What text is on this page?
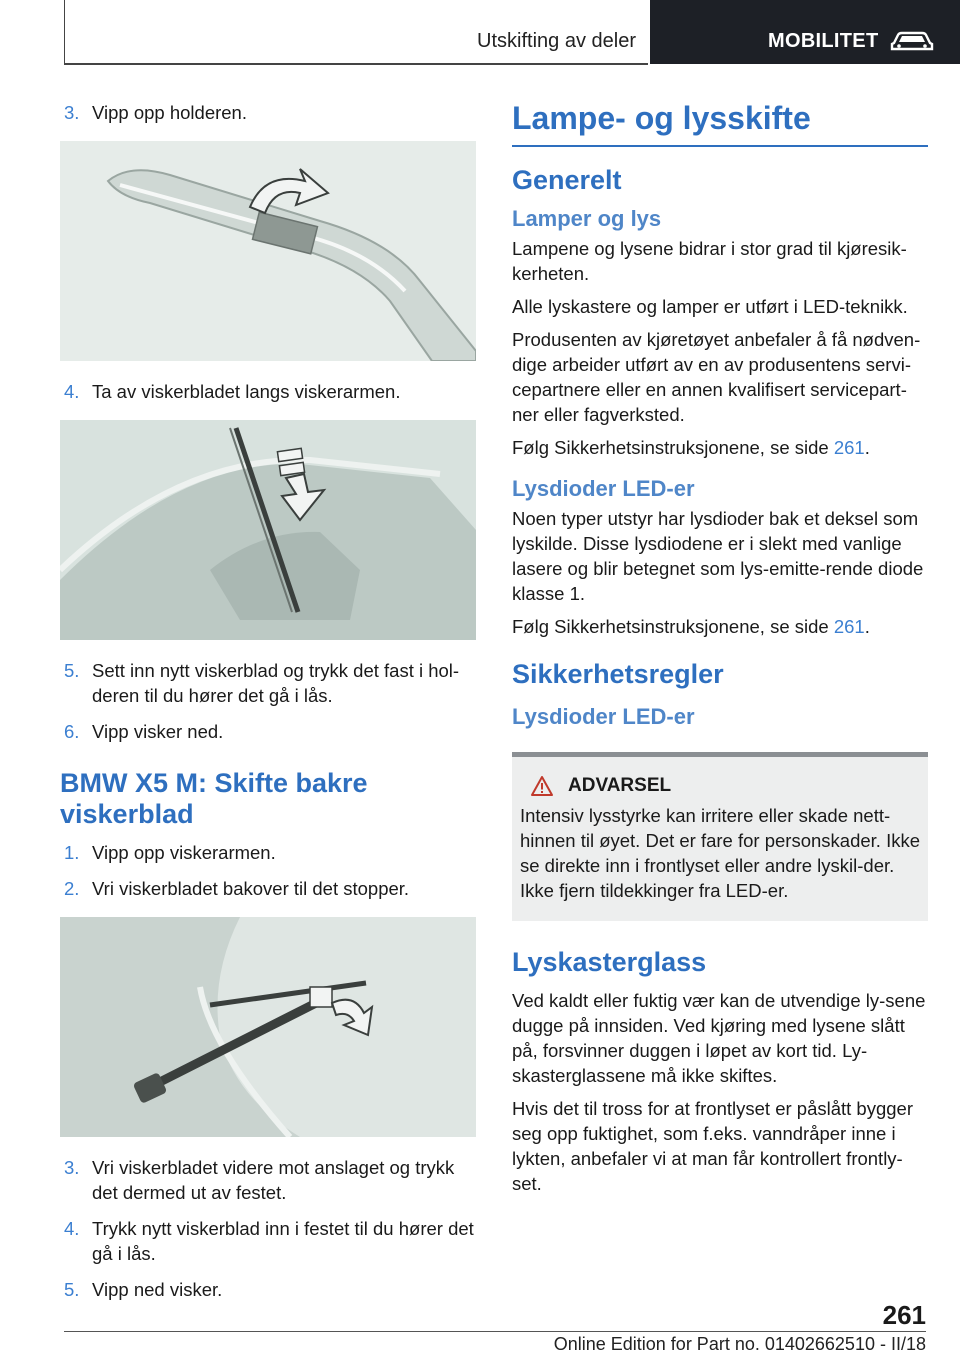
Utskifting av deler	MOBILITET
3. Vipp opp holderen.
4. Ta av viskerbladet langs viskerarmen.
5. Sett inn nytt viskerblad og trykk det fast i hol-deren til du hører det gå i lås.
6. Vipp visker ned.
BMW X5 M: Skifte bakre viskerblad
1. Vipp opp viskerarmen.
2. Vri viskerbladet bakover til det stopper.
3. Vri viskerbladet videre mot anslaget og trykk det dermed ut av festet.
4. Trykk nytt viskerblad inn i festet til du hører det gå i lås.
5. Vipp ned visker.
Lampe- og lysskifte
Generelt
Lamper og lys
Lampene og lysene bidrar i stor grad til kjøresik-kerheten.
Alle lyskastere og lamper er utført i LED-teknikk.
Produsenten av kjøretøyet anbefaler å få nødven-dige arbeider utført av en av produsentens servi-cepartnere eller en annen kvalifisert servicepart-ner eller fagverksted.
Følg Sikkerhetsinstruksjonene, se side 261.
Lysdioder LED-er
Noen typer utstyr har lysdioder bak et deksel som lyskilde. Disse lysdiodene er i slekt med vanlige lasere og blir betegnet som lys-emitte-rende diode klasse 1.
Følg Sikkerhetsinstruksjonene, se side 261.
Sikkerhetsregler
Lysdioder LED-er
ADVARSEL
Intensiv lysstyrke kan irritere eller skade nett-hinnen til øyet. Det er fare for personskader. Ikke se direkte inn i frontlyset eller andre lyskil-der. Ikke fjern tildekkinger fra LED-er.
Lyskasterglass
Ved kaldt eller fuktig vær kan de utvendige ly-sene dugge på innsiden. Ved kjøring med lysene slått på, forsvinner duggen i løpet av kort tid. Ly-skasterglassene må ikke skiftes.
Hvis det til tross for at frontlyset er påslått bygger seg opp fuktighet, som f.eks. vanndråper inne i lykten, anbefaler vi at man får kontrollert frontly-set.
261
Online Edition for Part no. 01402662510 - II/18
